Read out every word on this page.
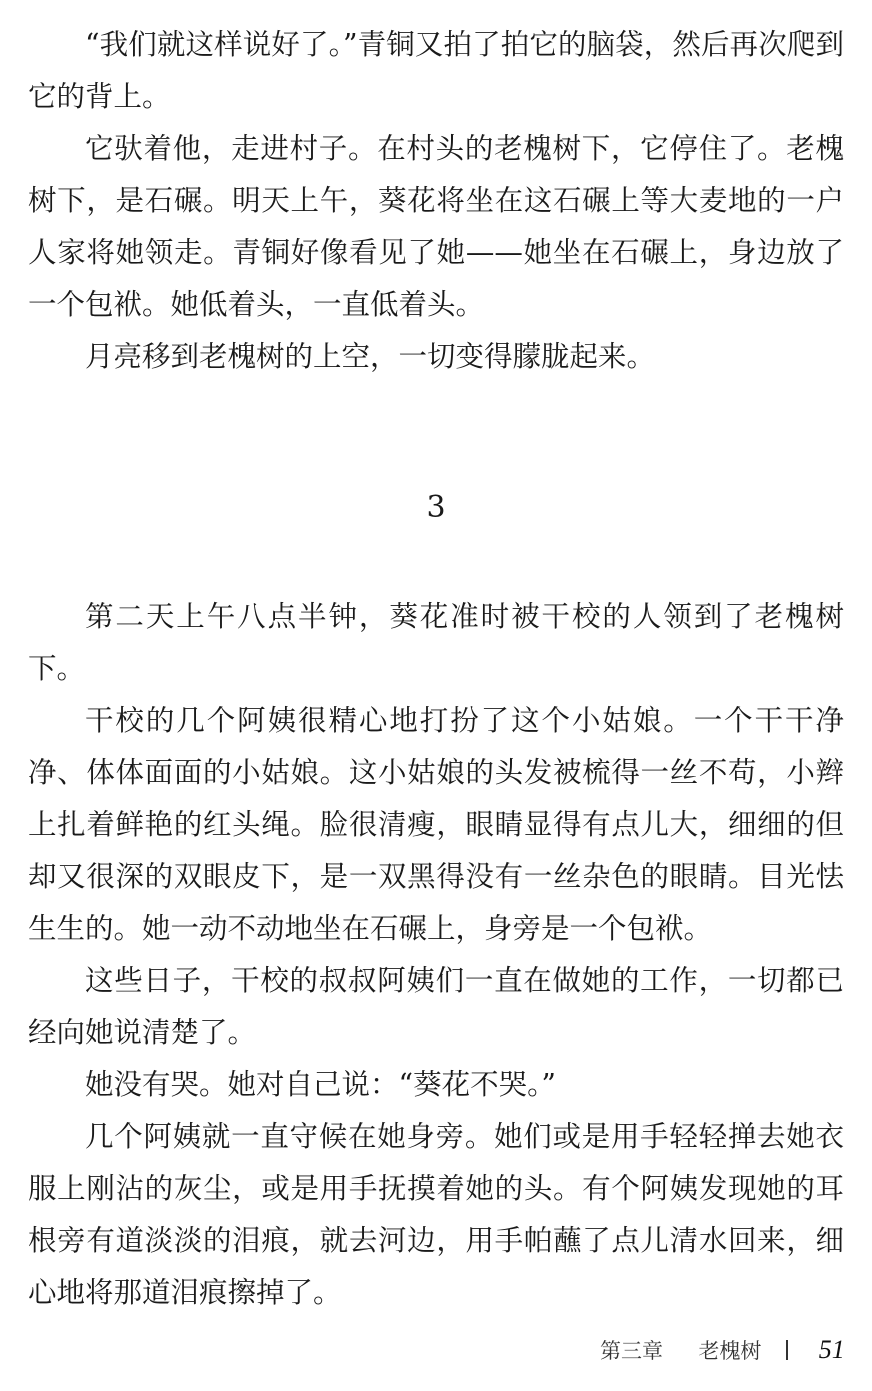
“我们就这样说好了。”青铜又拍了拍它的脑袋，然后再次爬到它的背上。

它驮着他，走进村子。在村头的老槐树下，它停住了。老槐树下，是石碾。明天上午，葵花将坐在这石碾上等大麦地的一户人家将她领走。青铜好像看见了她——她坐在石碾上，身边放了一个包袱。她低着头，一直低着头。

月亮移到老槐树的上空，一切变得朦胧起来。

3

第二天上午八点半钟，葵花准时被干校的人领到了老槐树下。

干校的几个阿姨很精心地打扮了这个小姑娘。一个干干净净、体体面面的小姑娘。这小姑娘的头发被梳得一丝不苟，小辫上扎着鲜艳的红头绳。脸很清瘦，眼睛显得有点儿大，细细的但却又很深的双眼皮下，是一双黑得没有一丝杂色的眼睛。目光怯生生的。她一动不动地坐在石碾上，身旁是一个包袱。

这些日子，干校的叔叔阿姨们一直在做她的工作，一切都已经向她说清楚了。

她没有哭。她对自己说：“葵花不哭。”

几个阿姨就一直守候在她身旁。她们或是用手轻轻掸去她衣服上刚沾的灰尘，或是用手抚摸着她的头。有个阿姨发现她的耳根旁有道淡淡的泪痕，就去河边，用手帕蘸了点儿清水回来，细心地将那道泪痕擦掉了。

第三章 老槐树 51
